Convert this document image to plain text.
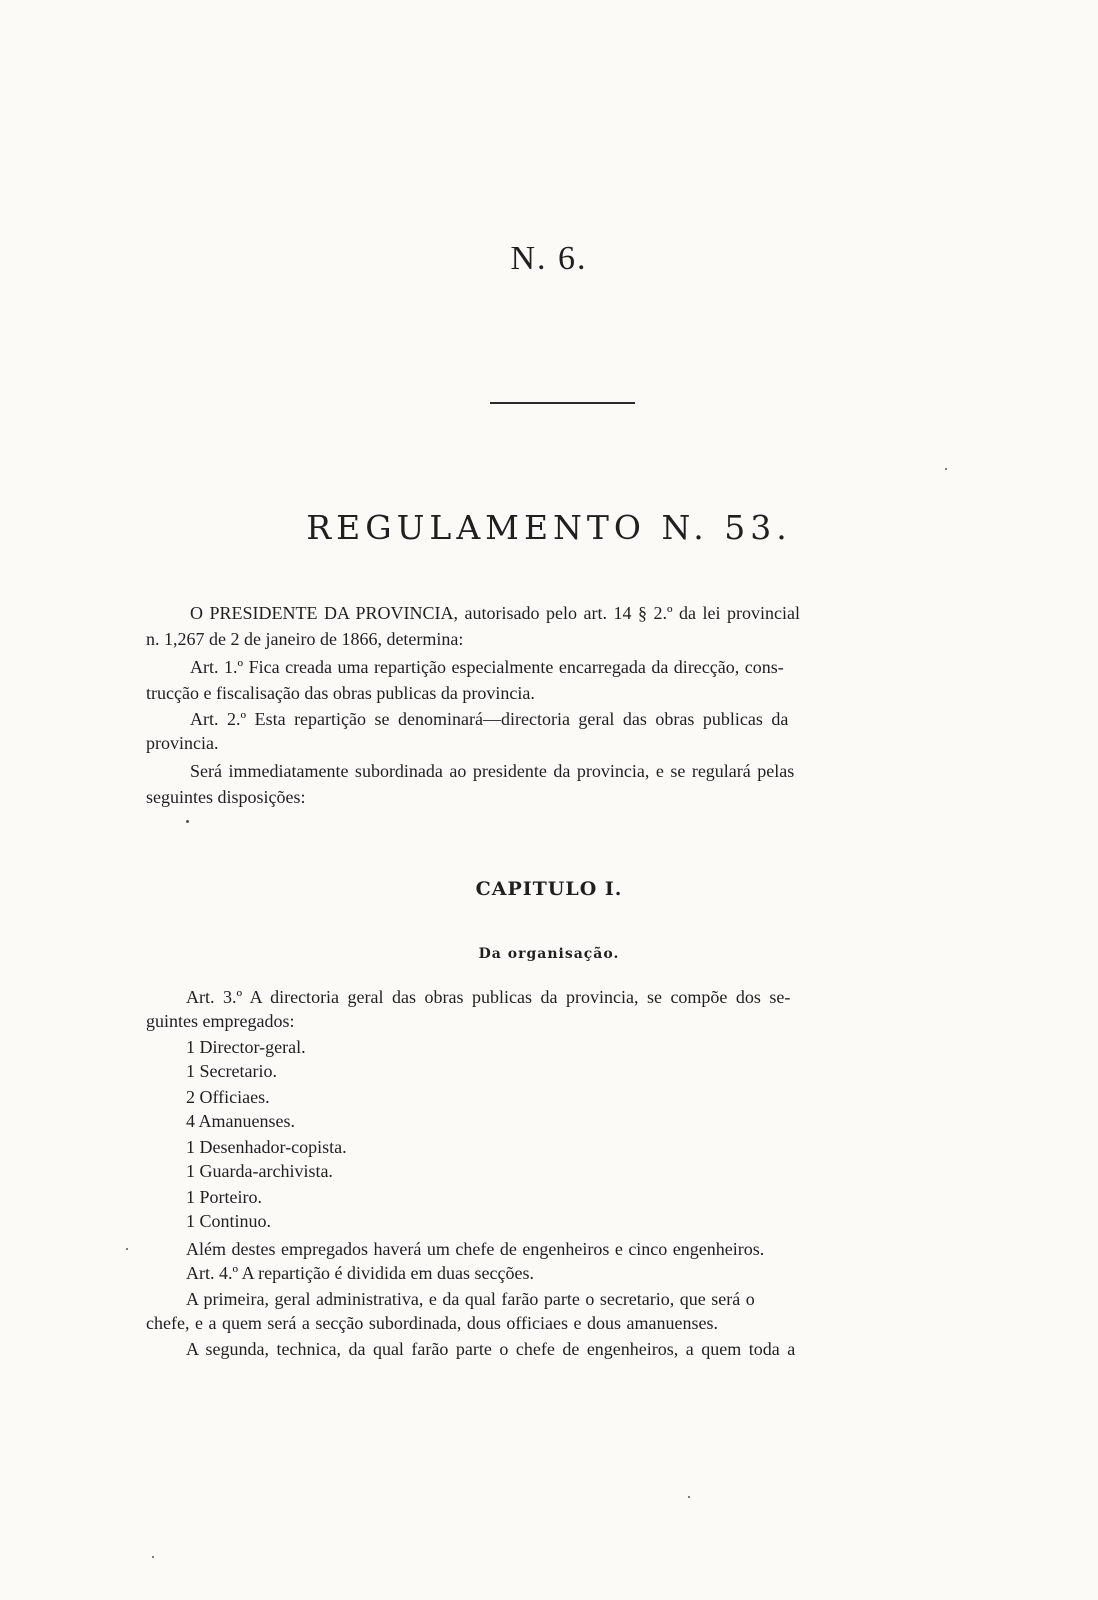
N. 6.
REGULAMENTO N. 53.
O PRESIDENTE DA PROVINCIA, autorisado pelo art. 14 § 2.º da lei provincial
n. 1,267 de 2 de janeiro de 1866, determina:
Art. 1.º Fica creada uma repartição especialmente encarregada da direcção, cons-
trucção e fiscalisação das obras publicas da provincia.
Art. 2.º Esta repartição se denominará—directoria geral das obras publicas da
provincia.
Será immediatamente subordinada ao presidente da provincia, e se regulará pelas
seguintes disposições:
CAPITULO I.
Da organisação.
Art. 3.º A directoria geral das obras publicas da provincia, se compõe dos se-
guintes empregados:
1 Director-geral.
1 Secretario.
2 Officiaes.
4 Amanuenses.
1 Desenhador-copista.
1 Guarda-archivista.
1 Porteiro.
1 Continuo.
Além destes empregados haverá um chefe de engenheiros e cinco engenheiros.
Art. 4.º A repartição é dividida em duas secções.
A primeira, geral administrativa, e da qual farão parte o secretario, que será o
chefe, e a quem será a secção subordinada, dous officiaes e dous amanuenses.
A segunda, technica, da qual farão parte o chefe de engenheiros, a quem toda a
